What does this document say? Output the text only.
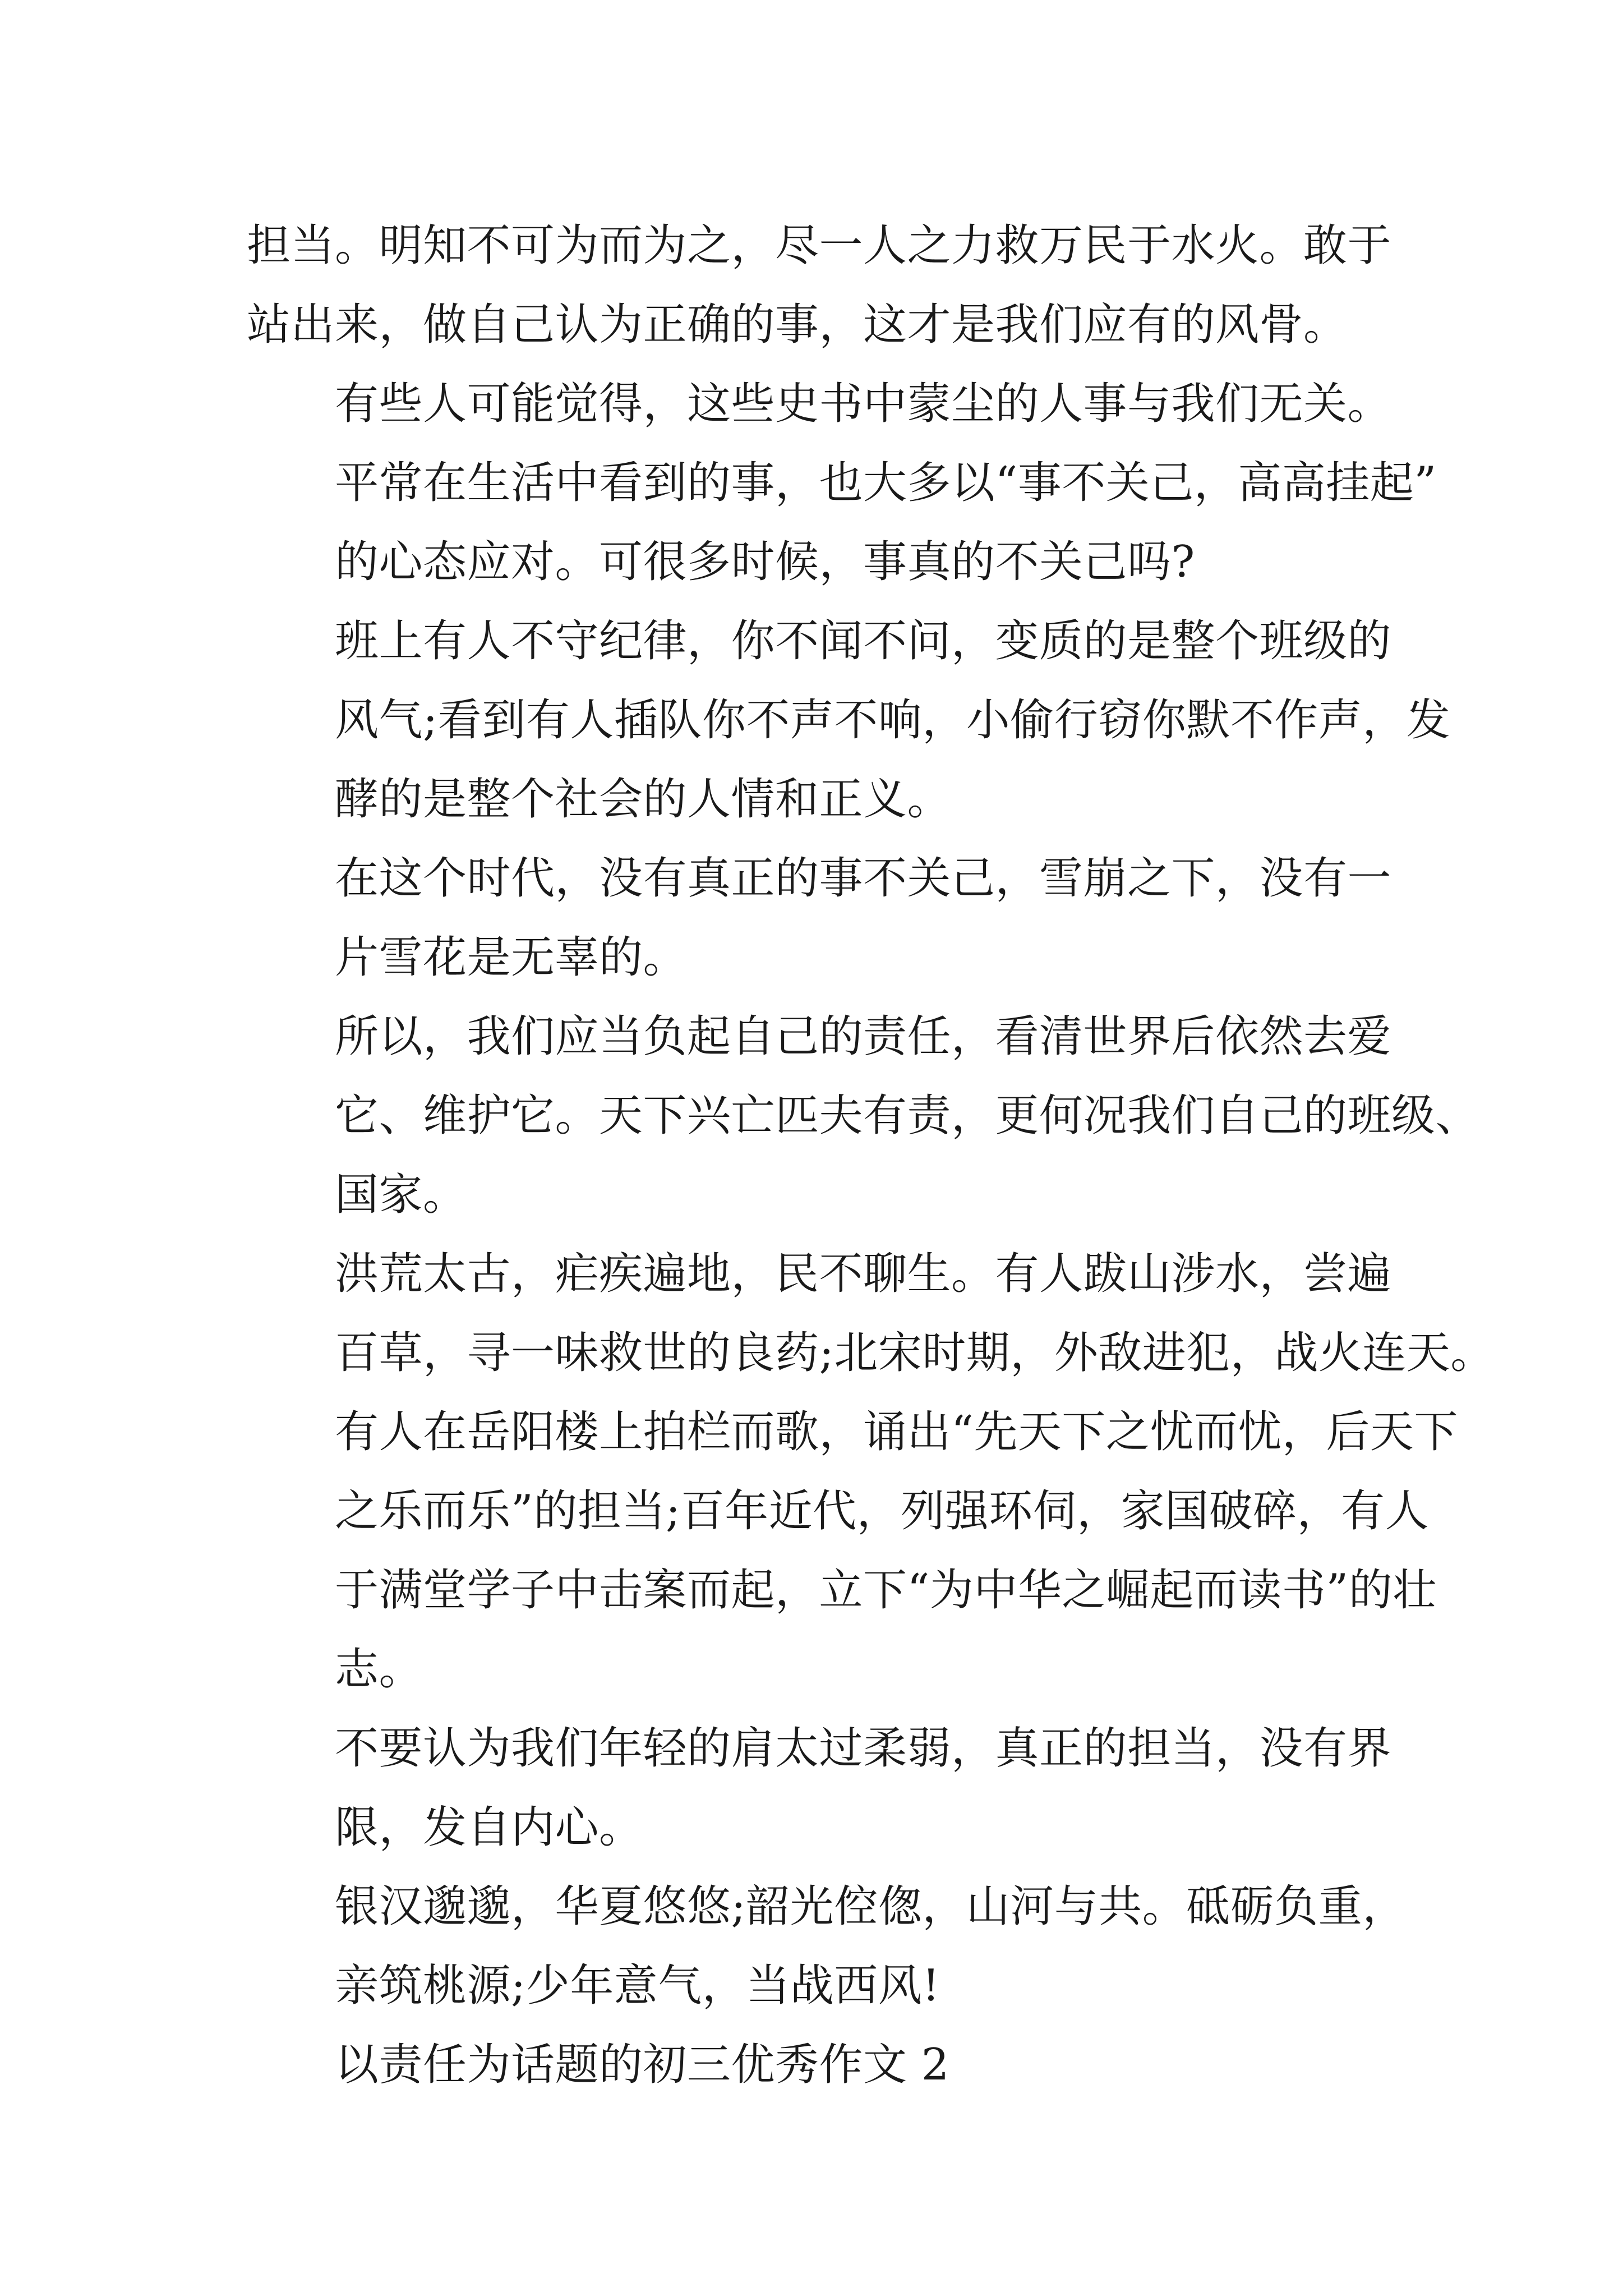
担当。明知不可为而为之，尽一人之力救万民于水火。敢于
站出来，做自己认为正确的事，这才是我们应有的风骨。

有些人可能觉得，这些史书中蒙尘的人事与我们无关。
平常在生活中看到的事，也大多以“事不关己，高高挂起”
的心态应对。可很多时候，事真的不关己吗?

班上有人不守纪律，你不闻不问，变质的是整个班级的
风气;看到有人插队你不声不响，小偷行窃你默不作声，发
酵的是整个社会的人情和正义。

在这个时代，没有真正的事不关己，雪崩之下，没有一
片雪花是无辜的。

所以，我们应当负起自己的责任，看清世界后依然去爱
它、维护它。天下兴亡匹夫有责，更何况我们自己的班级、
国家。

洪荒太古，疟疾遍地，民不聊生。有人跋山涉水，尝遍
百草，寻一味救世的良药;北宋时期，外敌进犯，战火连天。
有人在岳阳楼上拍栏而歌，诵出“先天下之忧而忧，后天下
之乐而乐”的担当;百年近代，列强环伺，家国破碎，有人
于满堂学子中击案而起，立下“为中华之崛起而读书”的壮
志。

不要认为我们年轻的肩太过柔弱，真正的担当，没有界
限，发自内心。

银汉邈邈，华夏悠悠;韶光倥偬，山河与共。砥砺负重，
亲筑桃源;少年意气，当战西风!

以责任为话题的初三优秀作文 2
